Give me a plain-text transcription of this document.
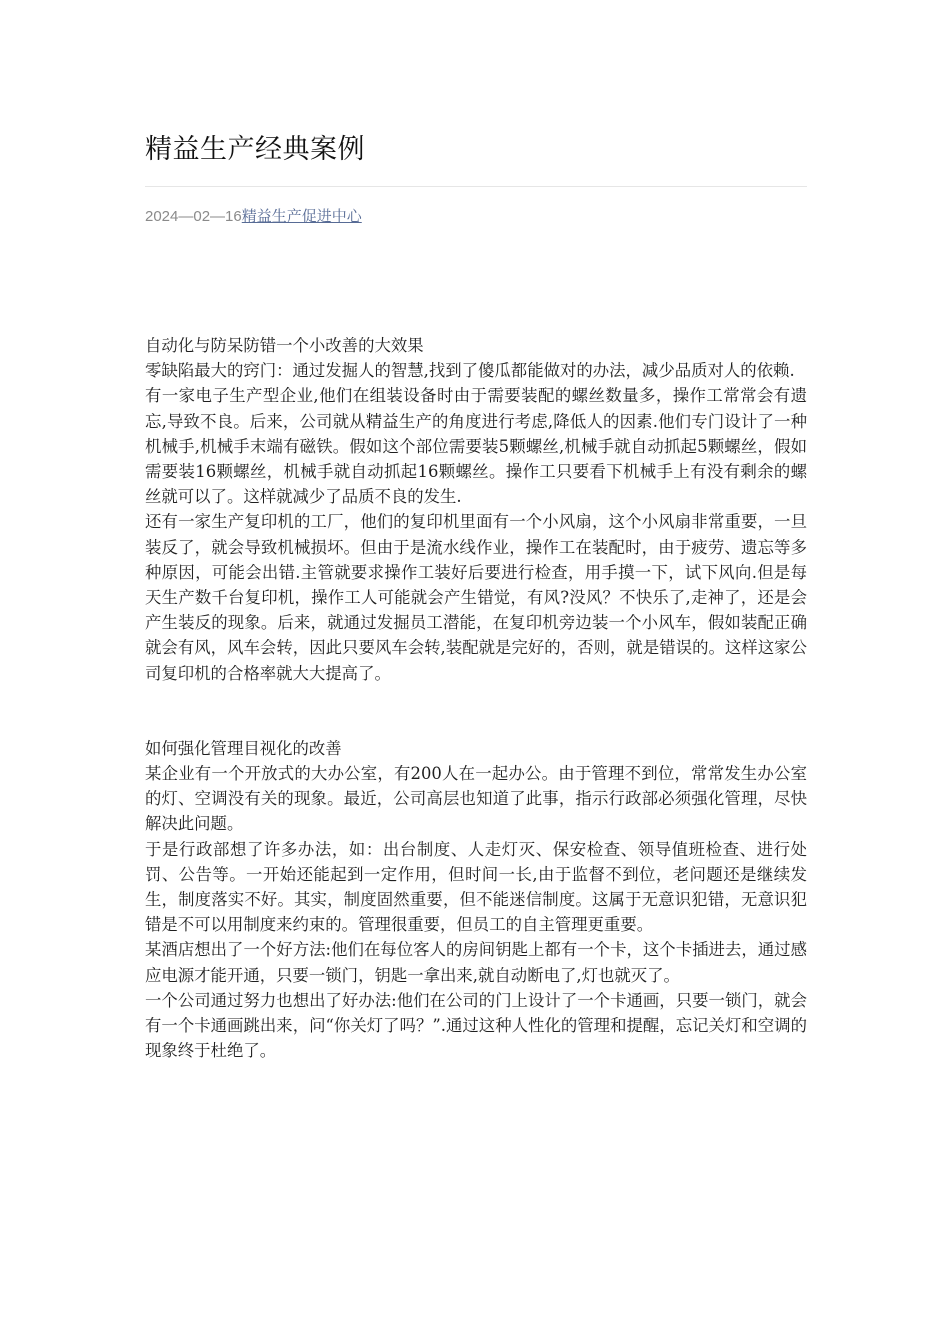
精益生产经典案例
2024—02—16精益生产促进中心

自动化与防呆防错一个小改善的大效果

零缺陷最大的窍门：通过发掘人的智慧,找到了傻瓜都能做对的办法，减少品质对人的依赖.

有一家电子生产型企业,他们在组装设备时由于需要装配的螺丝数量多，操作工常常会有遗忘,导致不良。后来，公司就从精益生产的角度进行考虑,降低人的因素.他们专门设计了一种机械手,机械手末端有磁铁。假如这个部位需要装5颗螺丝,机械手就自动抓起5颗螺丝，假如需要装16颗螺丝，机械手就自动抓起16颗螺丝。操作工只要看下机械手上有没有剩余的螺丝就可以了。这样就减少了品质不良的发生.

还有一家生产复印机的工厂，他们的复印机里面有一个小风扇，这个小风扇非常重要，一旦装反了，就会导致机械损坏。但由于是流水线作业，操作工在装配时，由于疲劳、遗忘等多种原因，可能会出错.主管就要求操作工装好后要进行检查，用手摸一下，试下风向.但是每天生产数千台复印机，操作工人可能就会产生错觉，有风?没风？不快乐了,走神了，还是会产生装反的现象。后来，就通过发掘员工潜能，在复印机旁边装一个小风车，假如装配正确就会有风，风车会转，因此只要风车会转,装配就是完好的，否则，就是错误的。这样这家公司复印机的合格率就大大提高了。

如何强化管理目视化的改善

某企业有一个开放式的大办公室，有200人在一起办公。由于管理不到位，常常发生办公室的灯、空调没有关的现象。最近，公司高层也知道了此事，指示行政部必须强化管理，尽快解决此问题。

于是行政部想了许多办法，如：出台制度、人走灯灭、保安检查、领导值班检查、进行处罚、公告等。一开始还能起到一定作用，但时间一长,由于监督不到位，老问题还是继续发生，制度落实不好。其实，制度固然重要，但不能迷信制度。这属于无意识犯错，无意识犯错是不可以用制度来约束的。管理很重要，但员工的自主管理更重要。

某酒店想出了一个好方法:他们在每位客人的房间钥匙上都有一个卡，这个卡插进去，通过感应电源才能开通，只要一锁门，钥匙一拿出来,就自动断电了,灯也就灭了。

一个公司通过努力也想出了好办法:他们在公司的门上设计了一个卡通画，只要一锁门，就会有一个卡通画跳出来，问“你关灯了吗？”.通过这种人性化的管理和提醒，忘记关灯和空调的现象终于杜绝了。
